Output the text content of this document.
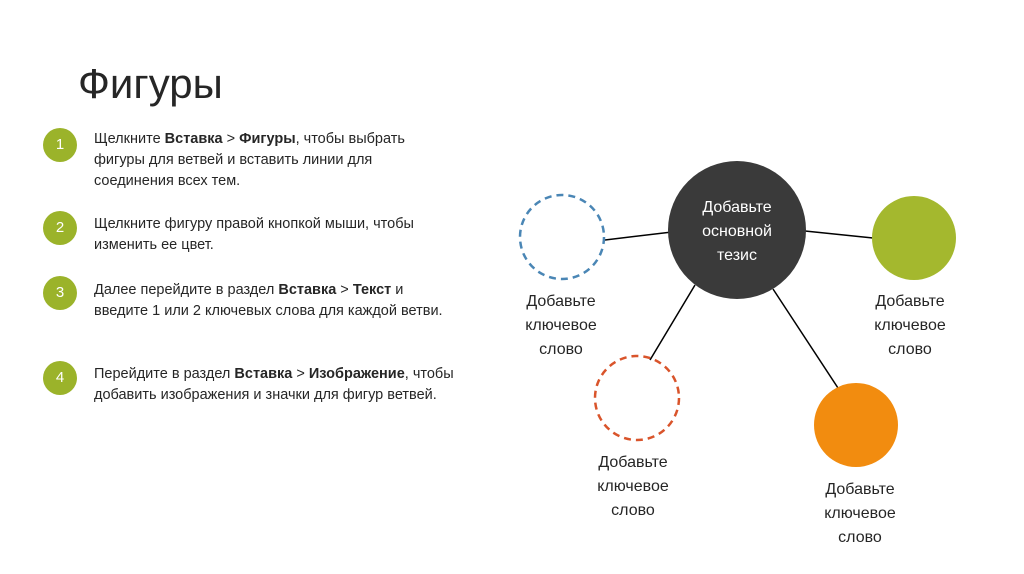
Фигуры
1	Щелкните Вставка > Фигуры, чтобы выбрать фигуры для ветвей и вставить линии для соединения всех тем.

2	Щелкните фигуру правой кнопкой мыши, чтобы изменить ее цвет.

3	Далее перейдите в раздел Вставка > Текст и введите 1 или 2 ключевых слова для каждой ветви.

4	Перейдите в раздел Вставка > Изображение, чтобы добавить изображения и значки для фигур ветвей.

Добавьте
основной
тезис
Добавьте
ключевое
слово
Добавьте
ключевое
слово
Добавьте
ключевое
слово
Добавьте
ключевое
слово
